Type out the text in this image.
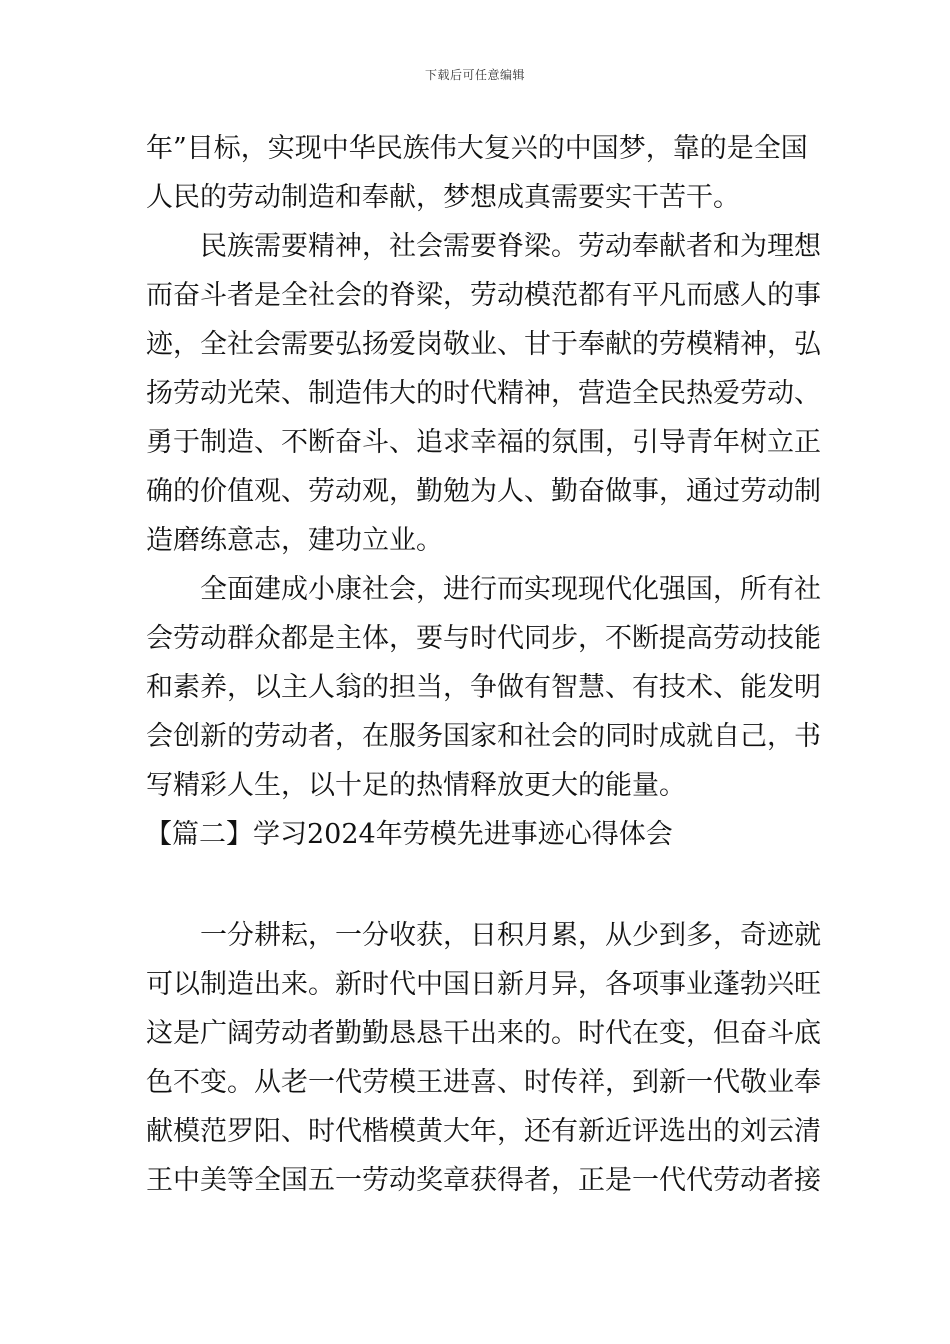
下载后可任意编辑
年”目标，实现中华民族伟大复兴的中国梦，靠的是全国
人民的劳动制造和奉献，梦想成真需要实干苦干。
民族需要精神，社会需要脊梁。劳动奉献者和为理想
而奋斗者是全社会的脊梁，劳动模范都有平凡而感人的事
迹，全社会需要弘扬爱岗敬业、甘于奉献的劳模精神，弘
扬劳动光荣、制造伟大的时代精神，营造全民热爱劳动、
勇于制造、不断奋斗、追求幸福的氛围，引导青年树立正
确的价值观、劳动观，勤勉为人、勤奋做事，通过劳动制
造磨练意志，建功立业。
全面建成小康社会，进行而实现现代化强国，所有社
会劳动群众都是主体，要与时代同步，不断提高劳动技能
和素养，以主人翁的担当，争做有智慧、有技术、能发明
会创新的劳动者，在服务国家和社会的同时成就自己，书
写精彩人生，以十足的热情释放更大的能量。
【篇二】学习2024年劳模先进事迹心得体会
一分耕耘，一分收获，日积月累，从少到多，奇迹就
可以制造出来。新时代中国日新月异，各项事业蓬勃兴旺
这是广阔劳动者勤勤恳恳干出来的。时代在变，但奋斗底
色不变。从老一代劳模王进喜、时传祥，到新一代敬业奉
献模范罗阳、时代楷模黄大年，还有新近评选出的刘云清
王中美等全国五一劳动奖章获得者，正是一代代劳动者接
